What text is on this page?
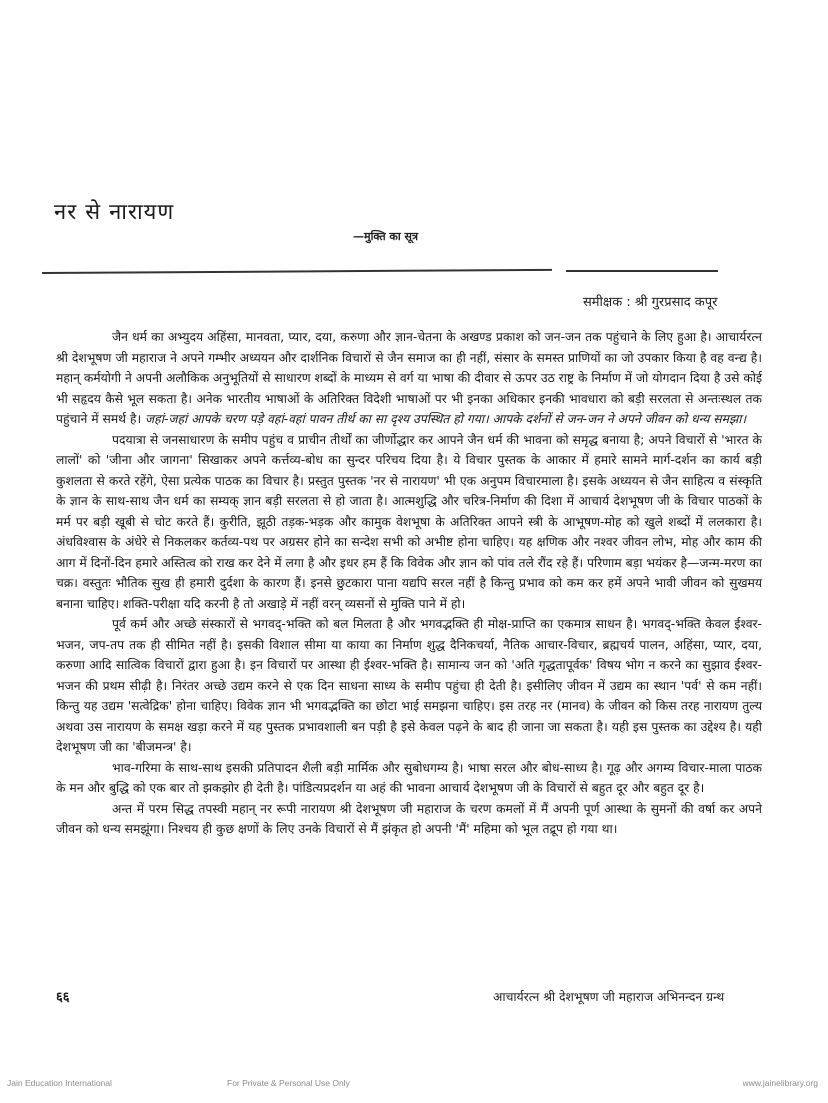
नर से नारायण
—मुक्ति का सूत्र
समीक्षक : श्री गुरप्रसाद कपूर

जैन धर्म का अभ्युदय अहिंसा, मानवता, प्यार, दया, करुणा और ज्ञान-चेतना के अखण्ड प्रकाश को जन-जन तक पहुंचाने के लिए हुआ है। आचार्यरत्न श्री देशभूषण जी महाराज ने अपने गम्भीर अध्ययन और दार्शनिक विचारों से जैन समाज का ही नहीं, संसार के समस्त प्राणियों का जो उपकार किया है वह वन्द्य है। महान् कर्मयोगी ने अपनी अलौकिक अनुभूतियों से साधारण शब्दों के माध्यम से वर्ग या भाषा की दीवार से ऊपर उठ राष्ट्र के निर्माण में जो योगदान दिया है उसे कोई भी सहृदय कैसे भूल सकता है। अनेक भारतीय भाषाओं के अतिरिक्त विदेशी भाषाओं पर भी इनका अधिकार इनकी भावधारा को बड़ी सरलता से अन्तःस्थल तक पहुंचाने में समर्थ है। जहां-जहां आपके चरण पड़े वहां-वहां पावन तीर्थ का सा दृश्य उपस्थित हो गया। आपके दर्शनों से जन-जन ने अपने जीवन को धन्य समझा।

पदयात्रा से जनसाधारण के समीप पहुंच व प्राचीन तीर्थों का जीर्णोद्धार कर आपने जैन धर्म की भावना को समृद्ध बनाया है; अपने विचारों से 'भारत के लालों' को 'जीना और जागना' सिखाकर अपने कर्त्तव्य-बोध का सुन्दर परिचय दिया है। ये विचार पुस्तक के आकार में हमारे सामने मार्ग-दर्शन का कार्य बड़ी कुशलता से करते रहेंगे, ऐसा प्रत्येक पाठक का विचार है। प्रस्तुत पुस्तक 'नर से नारायण' भी एक अनुपम विचारमाला है। इसके अध्ययन से जैन साहित्य व संस्कृति के ज्ञान के साथ-साथ जैन धर्म का सम्यक् ज्ञान बड़ी सरलता से हो जाता है। आत्मशुद्धि और चरित्र-निर्माण की दिशा में आचार्य देशभूषण जी के विचार पाठकों के मर्म पर बड़ी खूबी से चोट करते हैं। कुरीति, झूठी तड़क-भड़क और कामुक वेशभूषा के अतिरिक्त आपने स्त्री के आभूषण-मोह को खुले शब्दों में ललकारा है। अंधविश्वास के अंधेरे से निकलकर कर्तव्य-पथ पर अग्रसर होने का सन्देश सभी को अभीष्ट होना चाहिए। यह क्षणिक और नश्वर जीवन लोभ, मोह और काम की आग में दिनों-दिन हमारे अस्तित्व को राख कर देने में लगा है और इधर हम हैं कि विवेक और ज्ञान को पांव तले रौंद रहे हैं। परिणाम बड़ा भयंकर है—जन्म-मरण का चक्र। वस्तुतः भौतिक सुख ही हमारी दुर्दशा के कारण हैं। इनसे छुटकारा पाना यद्यपि सरल नहीं है किन्तु प्रभाव को कम कर हमें अपने भावी जीवन को सुखमय बनाना चाहिए। शक्ति-परीक्षा यदि करनी है तो अखाड़े में नहीं वरन् व्यसनों से मुक्ति पाने में हो।

पूर्व कर्म और अच्छे संस्कारों से भगवद्-भक्ति को बल मिलता है और भगवद्भक्ति ही मोक्ष-प्राप्ति का एकमात्र साधन है। भगवद्-भक्ति केवल ईश्वर-भजन, जप-तप तक ही सीमित नहीं है। इसकी विशाल सीमा या काया का निर्माण शुद्ध दैनिकचर्या, नैतिक आचार-विचार, ब्रह्मचर्य पालन, अहिंसा, प्यार, दया, करुणा आदि सात्विक विचारों द्वारा हुआ है। इन विचारों पर आस्था ही ईश्वर-भक्ति है। सामान्य जन को 'अति गृद्धतापूर्वक' विषय भोग न करने का सुझाव ईश्वर-भजन की प्रथम सीढ़ी है। निरंतर अच्छे उद्यम करने से एक दिन साधना साध्य के समीप पहुंचा ही देती है। इसीलिए जीवन में उद्यम का स्थान 'पर्व' से कम नहीं। किन्तु यह उद्यम 'सत्वेद्रिक' होना चाहिए। विवेक ज्ञान भी भगवद्भक्ति का छोटा भाई समझना चाहिए। इस तरह नर (मानव) के जीवन को किस तरह नारायण तुल्य अथवा उस नारायण के समक्ष खड़ा करने में यह पुस्तक प्रभावशाली बन पड़ी है इसे केवल पढ़ने के बाद ही जाना जा सकता है। यही इस पुस्तक का उद्देश्य है। यही देशभूषण जी का 'बीजमन्त्र' है।

भाव-गरिमा के साथ-साथ इसकी प्रतिपादन शैली बड़ी मार्मिक और सुबोधगम्य है। भाषा सरल और बोध-साध्य है। गूढ़ और अगम्य विचार-माला पाठक के मन और बुद्धि को एक बार तो झकझोर ही देती है। पांडित्यप्रदर्शन या अहं की भावना आचार्य देशभूषण जी के विचारों से बहुत दूर और बहुत दूर है।

अन्त में परम सिद्ध तपस्वी महान् नर रूपी नारायण श्री देशभूषण जी महाराज के चरण कमलों में मैं अपनी पूर्ण आस्था के सुमनों की वर्षा कर अपने जीवन को धन्य समझूंगा। निश्चय ही कुछ क्षणों के लिए उनके विचारों से मैं झंकृत हो अपनी 'मैं' महिमा को भूल तद्रूप हो गया था।

६६	आचार्यरत्न श्री देशभूषण जी महाराज अभिनन्दन ग्रन्थ
Jain Education International	For Private & Personal Use Only	www.jainelibrary.org
